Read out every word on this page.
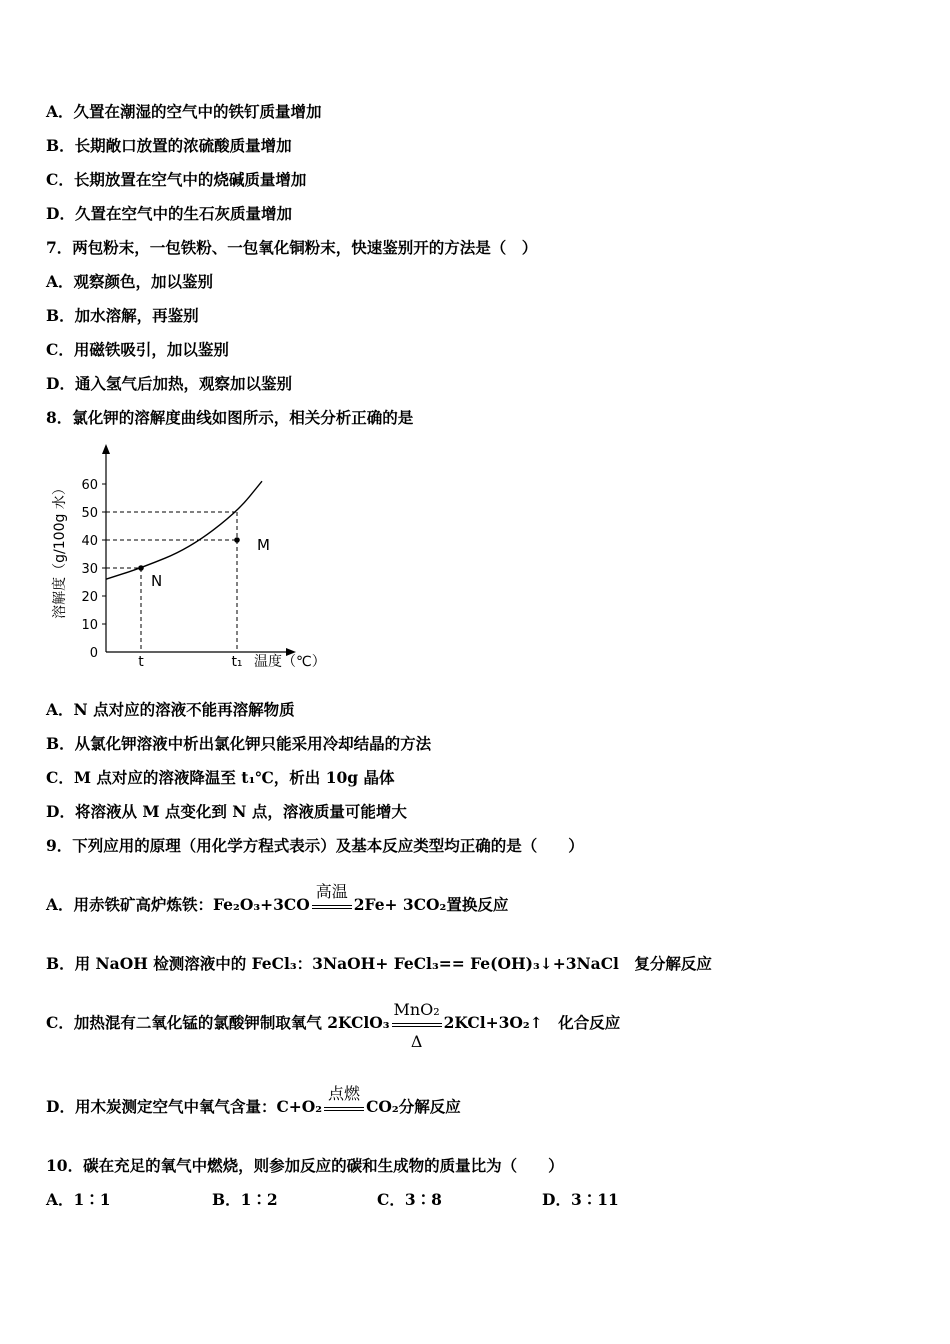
A．久置在潮湿的空气中的铁钉质量增加
B．长期敞口放置的浓硫酸质量增加
C．长期放置在空气中的烧碱质量增加
D．久置在空气中的生石灰质量增加
7．两包粉末，一包铁粉、一包氧化铜粉末，快速鉴别开的方法是（　）
A．观察颜色，加以鉴别
B．加水溶解，再鉴别
C．用磁铁吸引，加以鉴别
D．通入氢气后加热，观察加以鉴别
8．氯化钾的溶解度曲线如图所示，相关分析正确的是
0
10
20
30
40
50
60
N
M
t	t₁
溶解度（g/100g 水）
温度（℃）
A．N 点对应的溶液不能再溶解物质
B．从氯化钾溶液中析出氯化钾只能采用冷却结晶的方法
C．M 点对应的溶液降温至 t₁℃，析出 10g 晶体
D．将溶液从 M 点变化到 N 点，溶液质量可能增大
9．下列应用的原理（用化学方程式表示）及基本反应类型均正确的是（　　）
A．用赤铁矿高炉炼铁：Fe₂O₃+3CO
高温
2Fe+ 3CO₂置换反应
B．用 NaOH 检测溶液中的 FeCl₃：3NaOH+ FeCl₃== Fe(OH)₃↓+3NaCl　复分解反应
C．加热混有二氧化锰的氯酸钾制取氧气 2KClO₃
MnO₂
Δ
2KCl+3O₂↑　化合反应
D．用木炭测定空气中氧气含量：C+O₂
点燃
CO₂分解反应
10．碳在充足的氧气中燃烧，则参加反应的碳和生成物的质量比为（　　）
A．1∶1	B．1∶2	C．3∶8	D．3∶11
